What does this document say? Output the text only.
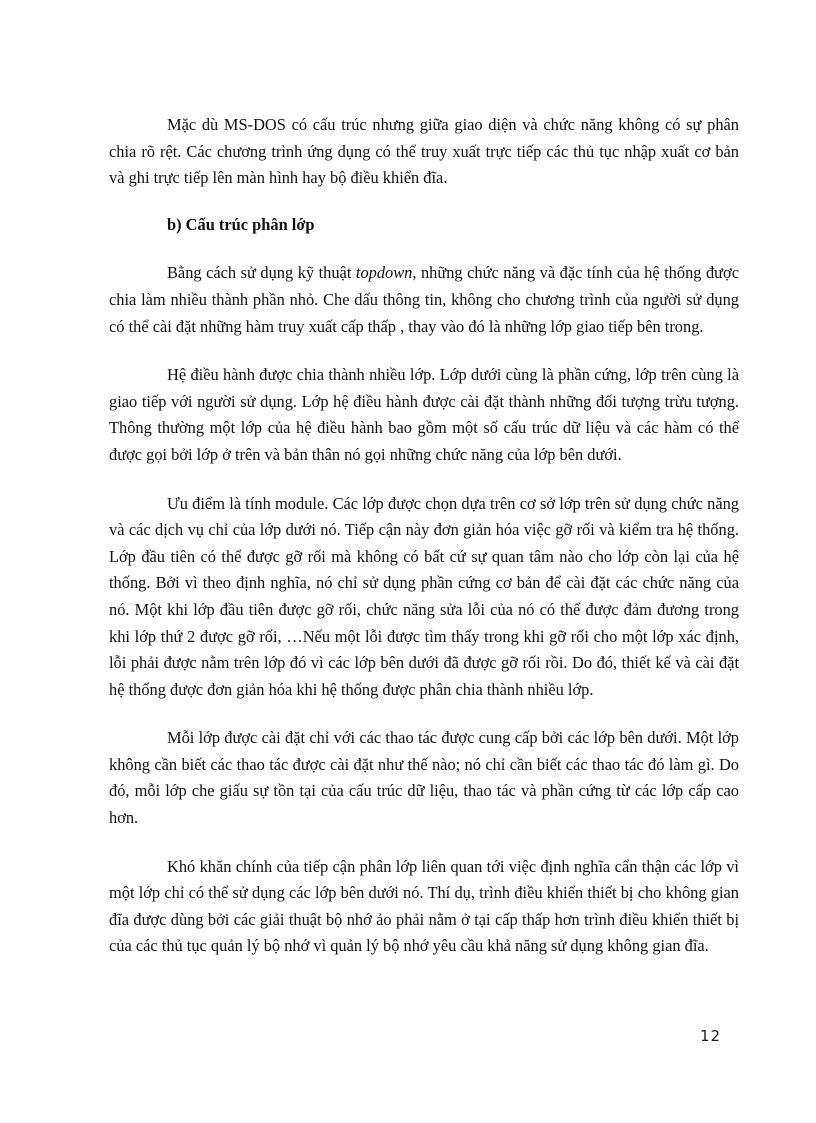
Mặc dù MS-DOS có cấu trúc nhưng giữa giao diện và chức năng không có sự phân chia rõ rệt. Các chương trình ứng dụng có thể truy xuất trực tiếp các thủ tục nhập xuất cơ bản và ghi trực tiếp lên màn hình hay bộ điều khiển đĩa.

b) Cấu trúc phân lớp

Bằng cách sử dụng kỹ thuật topdown, những chức năng và đặc tính của hệ thống được chia làm nhiều thành phần nhỏ. Che dấu thông tin, không cho chương trình của người sử dụng có thể cài đặt những hàm truy xuất cấp thấp , thay vào đó là những lớp giao tiếp bên trong.

Hệ điều hành được chia thành nhiều lớp. Lớp dưới cùng là phần cứng, lớp trên cùng là giao tiếp với người sử dụng. Lớp hệ điều hành được cài đặt thành những đối tượng trừu tượng. Thông thường một lớp của hệ điều hành bao gồm một số cấu trúc dữ liệu và các hàm có thể được gọi bởi lớp ở trên và bản thân nó gọi những chức năng của lớp bên dưới.

Ưu điểm là tính module. Các lớp được chọn dựa trên cơ sở lớp trên sử dụng chức năng và các dịch vụ chỉ của lớp dưới nó. Tiếp cận này đơn giản hóa việc gỡ rối và kiểm tra hệ thống. Lớp đầu tiên có thể được gỡ rối mà không có bất cứ sự quan tâm nào cho lớp còn lại của hệ thống. Bởi vì theo định nghĩa, nó chỉ sử dụng phần cứng cơ bản để cài đặt các chức năng của nó. Một khi lớp đầu tiên được gỡ rối, chức năng sửa lỗi của nó có thể được đảm đương trong khi lớp thứ 2 được gỡ rối, …Nếu một lỗi được tìm thấy trong khi gỡ rối cho một lớp xác định, lỗi phải được nằm trên lớp đó vì các lớp bên dưới đã được gỡ rối rồi. Do đó, thiết kế và cài đặt hệ thống được đơn giản hóa khi hệ thống được phân chia thành nhiều lớp.

Mỗi lớp được cài đặt chỉ với các thao tác được cung cấp bởi các lớp bên dưới. Một lớp không cần biết các thao tác được cài đặt như thế nào; nó chỉ cần biết các thao tác đó làm gì. Do đó, mỗi lớp che giấu sự tồn tại của cấu trúc dữ liệu, thao tác và phần cứng từ các lớp cấp cao hơn.

Khó khăn chính của tiếp cận phân lớp liên quan tới việc định nghĩa cẩn thận các lớp vì một lớp chỉ có thể sử dụng các lớp bên dưới nó. Thí dụ, trình điều khiển thiết bị cho không gian đĩa được dùng bởi các giải thuật bộ nhớ ảo phải nằm ở tại cấp thấp hơn trình điều khiển thiết bị của các thủ tục quản lý bộ nhớ vì quản lý bộ nhớ yêu cầu khả năng sử dụng không gian đĩa.

12
